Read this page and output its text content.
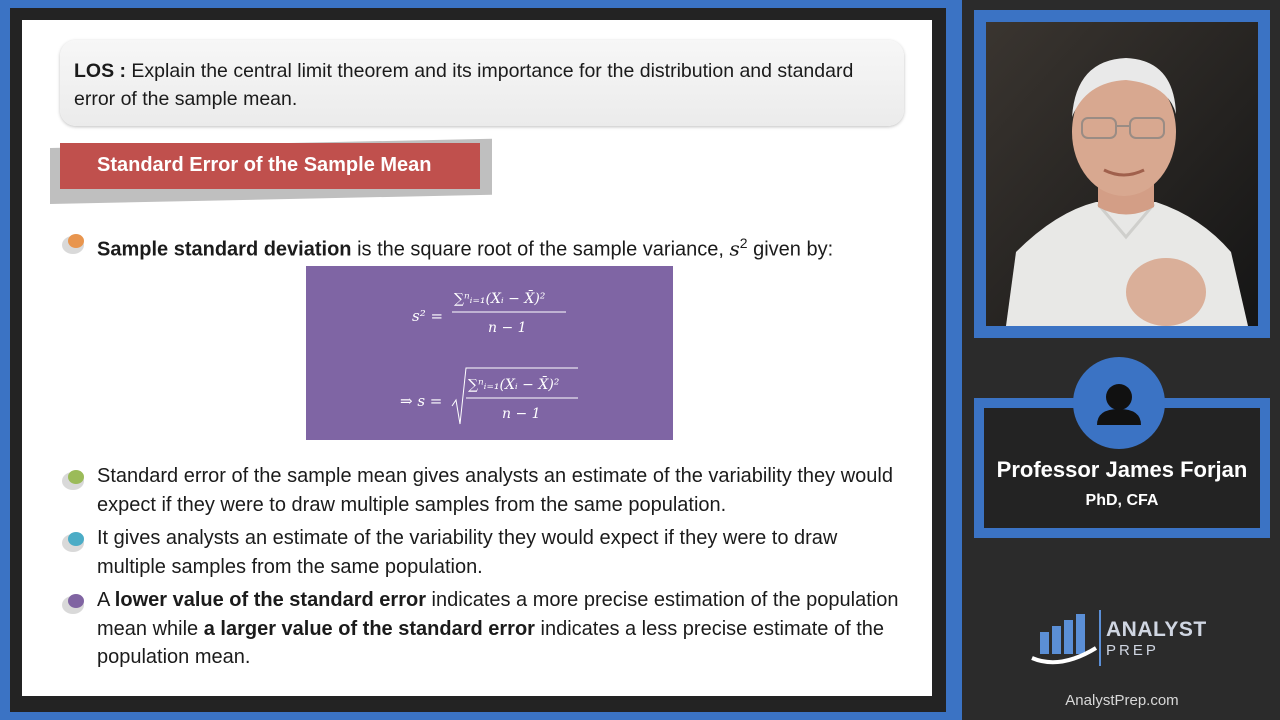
LOS : Explain the central limit theorem and its importance for the distribution and standard error of the sample mean.
Standard Error of the Sample Mean
Sample standard deviation is the square root of the sample variance, $s^2$ given by:
s² =
∑ⁿᵢ₌₁(Xᵢ − X̄)²
n − 1
⇒ s =
∑ⁿᵢ₌₁(Xᵢ − X̄)²
n − 1
Standard error of the sample mean gives analysts an estimate of the variability they would expect if they were to draw multiple samples from the same population.
It gives analysts an estimate of the variability they would expect if they were to draw multiple samples from the same population.
A lower value of the standard error indicates a more precise estimation of the population mean while a larger value of the standard error indicates a less precise estimate of the population mean.
Professor James Forjan
PhD, CFA
ANALYST
PREP
AnalystPrep.com
